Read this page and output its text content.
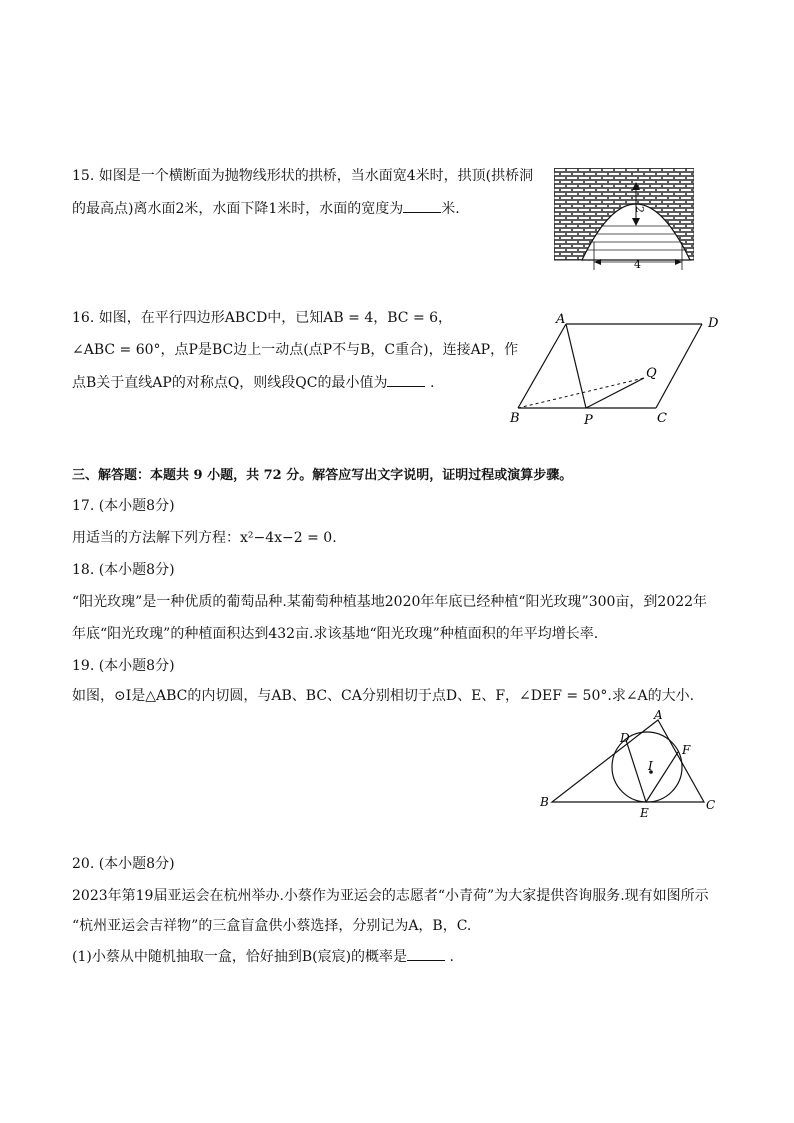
15. 如图是一个横断面为抛物线形状的拱桥，当水面宽4米时，拱顶(拱桥洞
的最高点)离水面2米，水面下降1米时，水面的宽度为	米.	2
4
16. 如图，在平行四边形ABCD中，已知AB = 4，BC = 6，
∠ABC = 60°，点P是BC边上一动点(点P不与B，C重合)，连接AP，作
点B关于直线AP的对称点Q，则线段QC的最小值为	.
A	D
B	P	C
Q
三、解答题：本题共 9 小题，共 72 分。解答应写出文字说明，证明过程或演算步骤。
17. (本小题8分)
用适当的方法解下列方程：x²−4x−2 = 0.
18. (本小题8分)
“阳光玫瑰”是一种优质的葡萄品种.某葡萄种植基地2020年年底已经种植“阳光玫瑰”300亩，到2022年
年底“阳光玫瑰”的种植面积达到432亩.求该基地“阳光玫瑰”种植面积的年平均增长率.
19. (本小题8分)
如图，⊙I是△ABC的内切圆，与AB、BC、CA分别相切于点D、E、F，∠DEF = 50°.求∠A的大小.
A
D
F
I
B
E
C
20. (本小题8分)
2023年第19届亚运会在杭州举办.小蔡作为亚运会的志愿者“小青荷”为大家提供咨询服务.现有如图所示
“杭州亚运会吉祥物”的三盒盲盒供小蔡选择，分别记为A，B，C.
(1)小蔡从中随机抽取一盒，恰好抽到B(宸宸)的概率是	.
